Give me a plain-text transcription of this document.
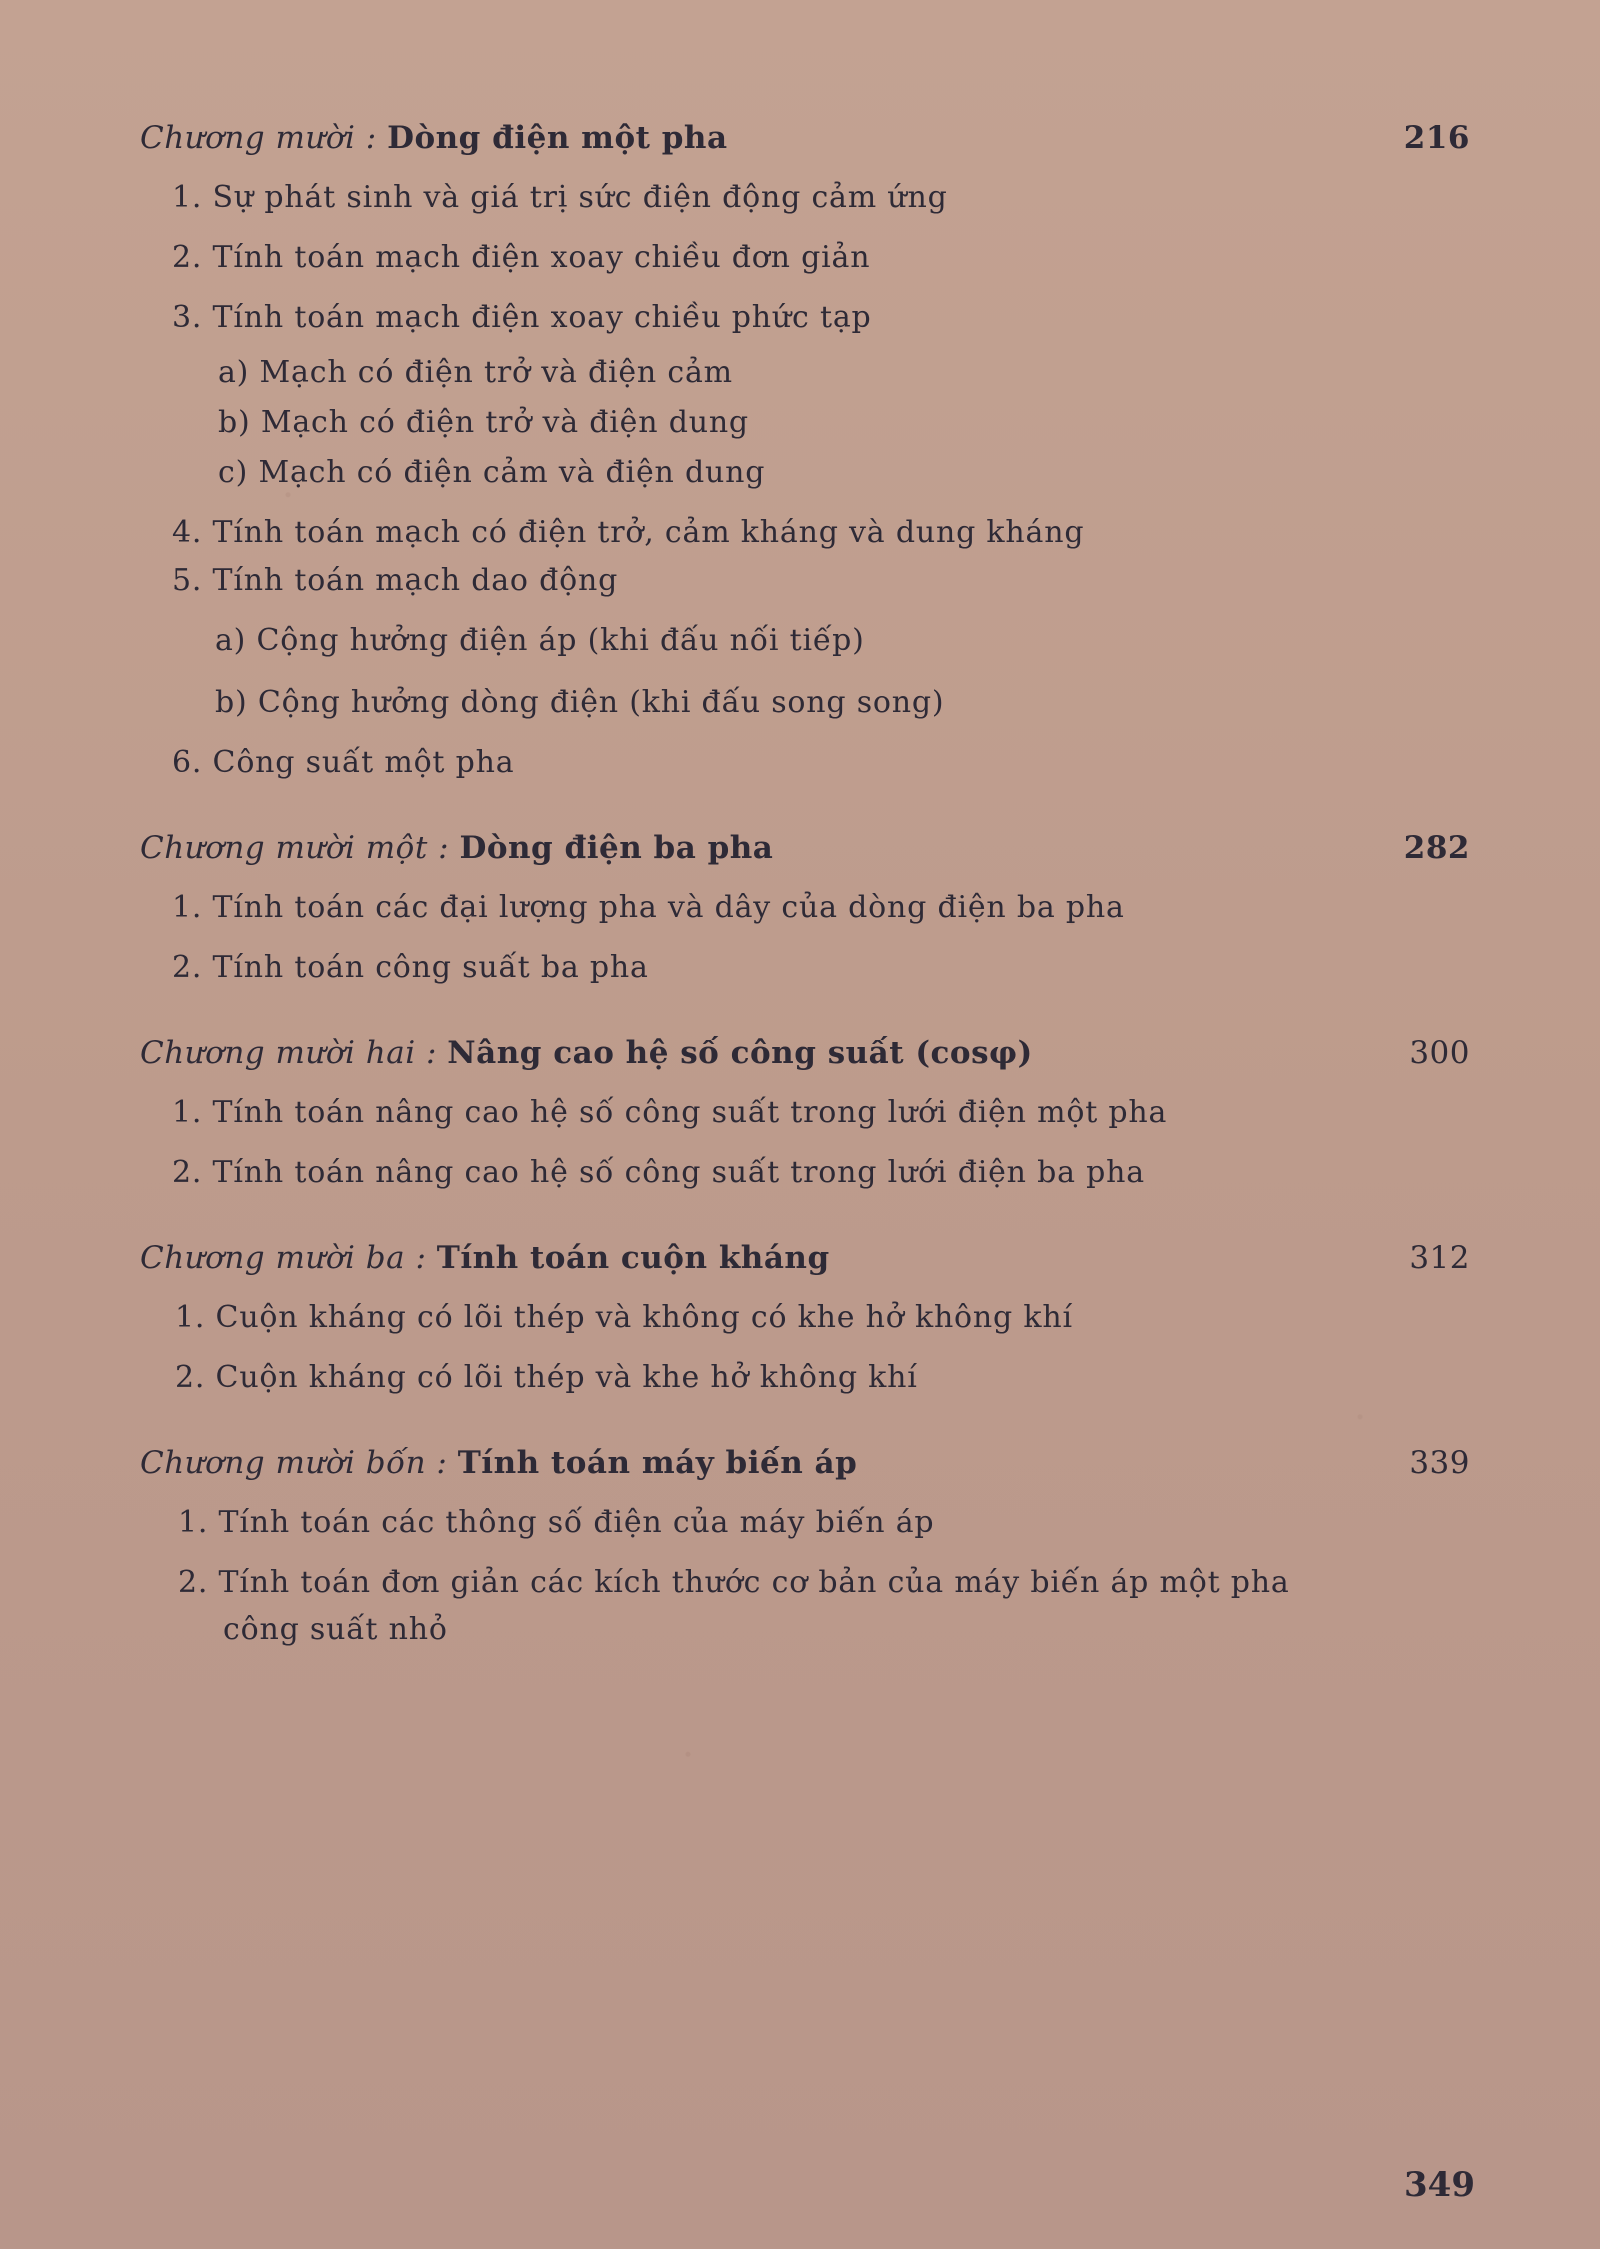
Chương mười : Dòng điện một pha	216
1. Sự phát sinh và giá trị sức điện động cảm ứng
2. Tính toán mạch điện xoay chiều đơn giản
3. Tính toán mạch điện xoay chiều phức tạp
a) Mạch có điện trở và điện cảm
b) Mạch có điện trở và điện dung
c) Mạch có điện cảm và điện dung
4. Tính toán mạch có điện trở, cảm kháng và dung kháng
5. Tính toán mạch dao động
a) Cộng hưởng điện áp (khi đấu nối tiếp)
b) Cộng hưởng dòng điện (khi đấu song song)
6. Công suất một pha
Chương mười một : Dòng điện ba pha	282
1. Tính toán các đại lượng pha và dây của dòng điện ba pha
2. Tính toán công suất ba pha
Chương mười hai : Nâng cao hệ số công suất (cosφ)	300
1. Tính toán nâng cao hệ số công suất trong lưới điện một pha
2. Tính toán nâng cao hệ số công suất trong lưới điện ba pha
Chương mười ba : Tính toán cuộn kháng	312
1. Cuộn kháng có lõi thép và không có khe hở không khí
2. Cuộn kháng có lõi thép và khe hở không khí
Chương mười bốn : Tính toán máy biến áp	339
1. Tính toán các thông số điện của máy biến áp
2. Tính toán đơn giản các kích thước cơ bản của máy biến áp một pha
công suất nhỏ
349
